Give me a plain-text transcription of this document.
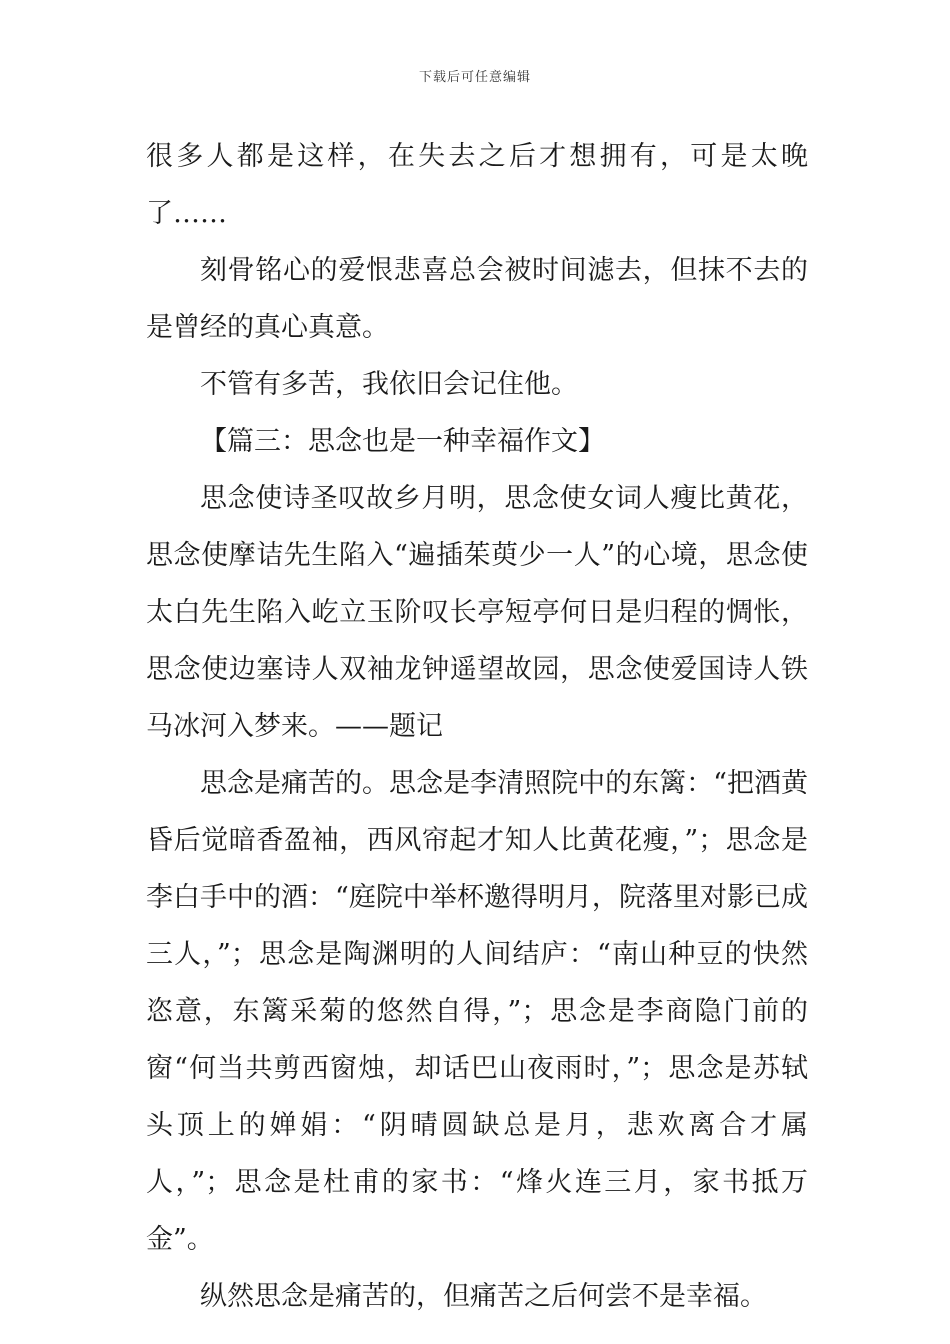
下载后可任意编辑

很多人都是这样，在失去之后才想拥有，可是太晚了……

刻骨铭心的爱恨悲喜总会被时间滤去，但抹不去的是曾经的真心真意。

不管有多苦，我依旧会记住他。

【篇三：思念也是一种幸福作文】

思念使诗圣叹故乡月明，思念使女词人瘦比黄花，思念使摩诘先生陷入“遍插茱萸少一人”的心境，思念使太白先生陷入屹立玉阶叹长亭短亭何日是归程的惆怅，思念使边塞诗人双袖龙钟遥望故园，思念使爱国诗人铁马冰河入梦来。——题记

思念是痛苦的。思念是李清照院中的东篱：“把酒黄昏后觉暗香盈袖，西风帘起才知人比黄花瘦，”；思念是李白手中的酒：“庭院中举杯邀得明月，院落里对影已成三人，”；思念是陶渊明的人间结庐：“南山种豆的快然恣意，东篱采菊的悠然自得，”；思念是李商隐门前的窗“何当共剪西窗烛，却话巴山夜雨时，”；思念是苏轼头顶上的婵娟：“阴晴圆缺总是月，悲欢离合才属人，”；思念是杜甫的家书：“烽火连三月，家书抵万金”。

纵然思念是痛苦的，但痛苦之后何尝不是幸福。
